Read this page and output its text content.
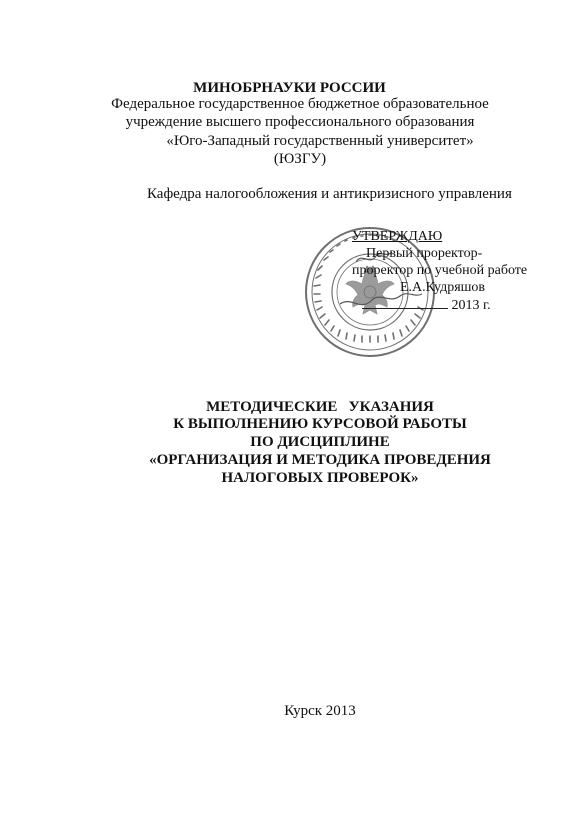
МИНОБРНАУКИ РОССИИ
Федеральное государственное бюджетное образовательное
учреждение высшего профессионального образования
«Юго-Западный государственный университет»
(ЮЗГУ)
Кафедра налогообложения и антикризисного управления
УТВЕРЖДАЮ
Первый проректор-
проректор по учебной работе
Е.А.Кудряшов
2013 г.
МЕТОДИЧЕСКИЕ   УКАЗАНИЯ
К ВЫПОЛНЕНИЮ КУРСОВОЙ РАБОТЫ
ПО ДИСЦИПЛИНЕ
«ОРГАНИЗАЦИЯ И МЕТОДИКА ПРОВЕДЕНИЯ
НАЛОГОВЫХ ПРОВЕРОК»
Курск 2013
